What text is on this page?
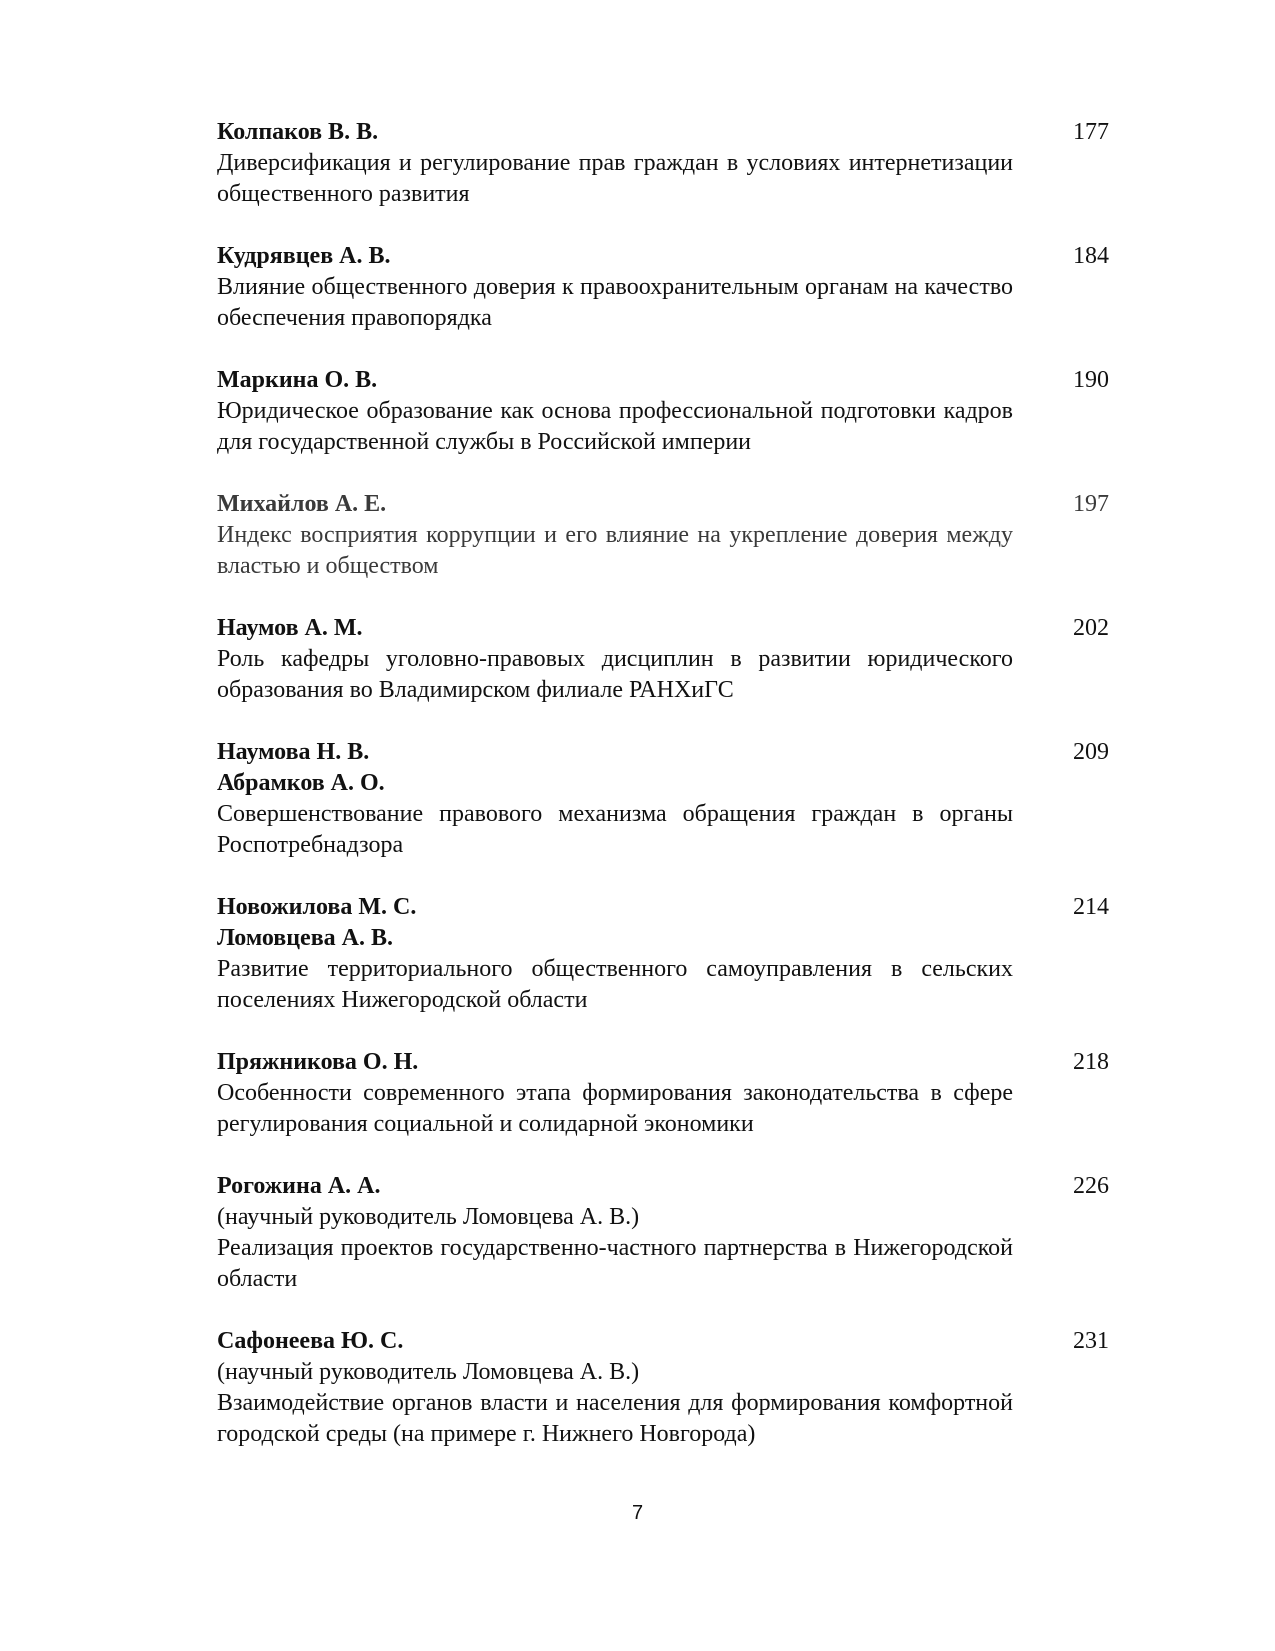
Колпаков В. В.
Диверсификация и регулирование прав граждан в условиях интернетизации общественного развития
177
Кудрявцев А. В.
Влияние общественного доверия к правоохранительным органам на качество обеспечения правопорядка
184
Маркина О. В.
Юридическое образование как основа профессиональной подготовки кадров для государственной службы в Российской империи
190
Михайлов А. Е.
Индекс восприятия коррупции и его влияние на укрепление доверия между властью и обществом
197
Наумов А. М.
Роль кафедры уголовно-правовых дисциплин в развитии юридического образования во Владимирском филиале РАНХиГС
202
Наумова Н. В.
Абрамков А. О.
Совершенствование правового механизма обращения граждан в органы Роспотребнадзора
209
Новожилова М. С.
Ломовцева А. В.
Развитие территориального общественного самоуправления в сельских поселениях Нижегородской области
214
Пряжникова О. Н.
Особенности современного этапа формирования законодательства в сфере регулирования социальной и солидарной экономики
218
Рогожина А. А.
(научный руководитель Ломовцева А. В.)
Реализация проектов государственно-частного партнерства в Нижегородской области
226
Сафонеева Ю. С.
(научный руководитель Ломовцева А. В.)
Взаимодействие органов власти и населения для формирования комфортной городской среды (на примере г. Нижнего Новгорода)
231
7
